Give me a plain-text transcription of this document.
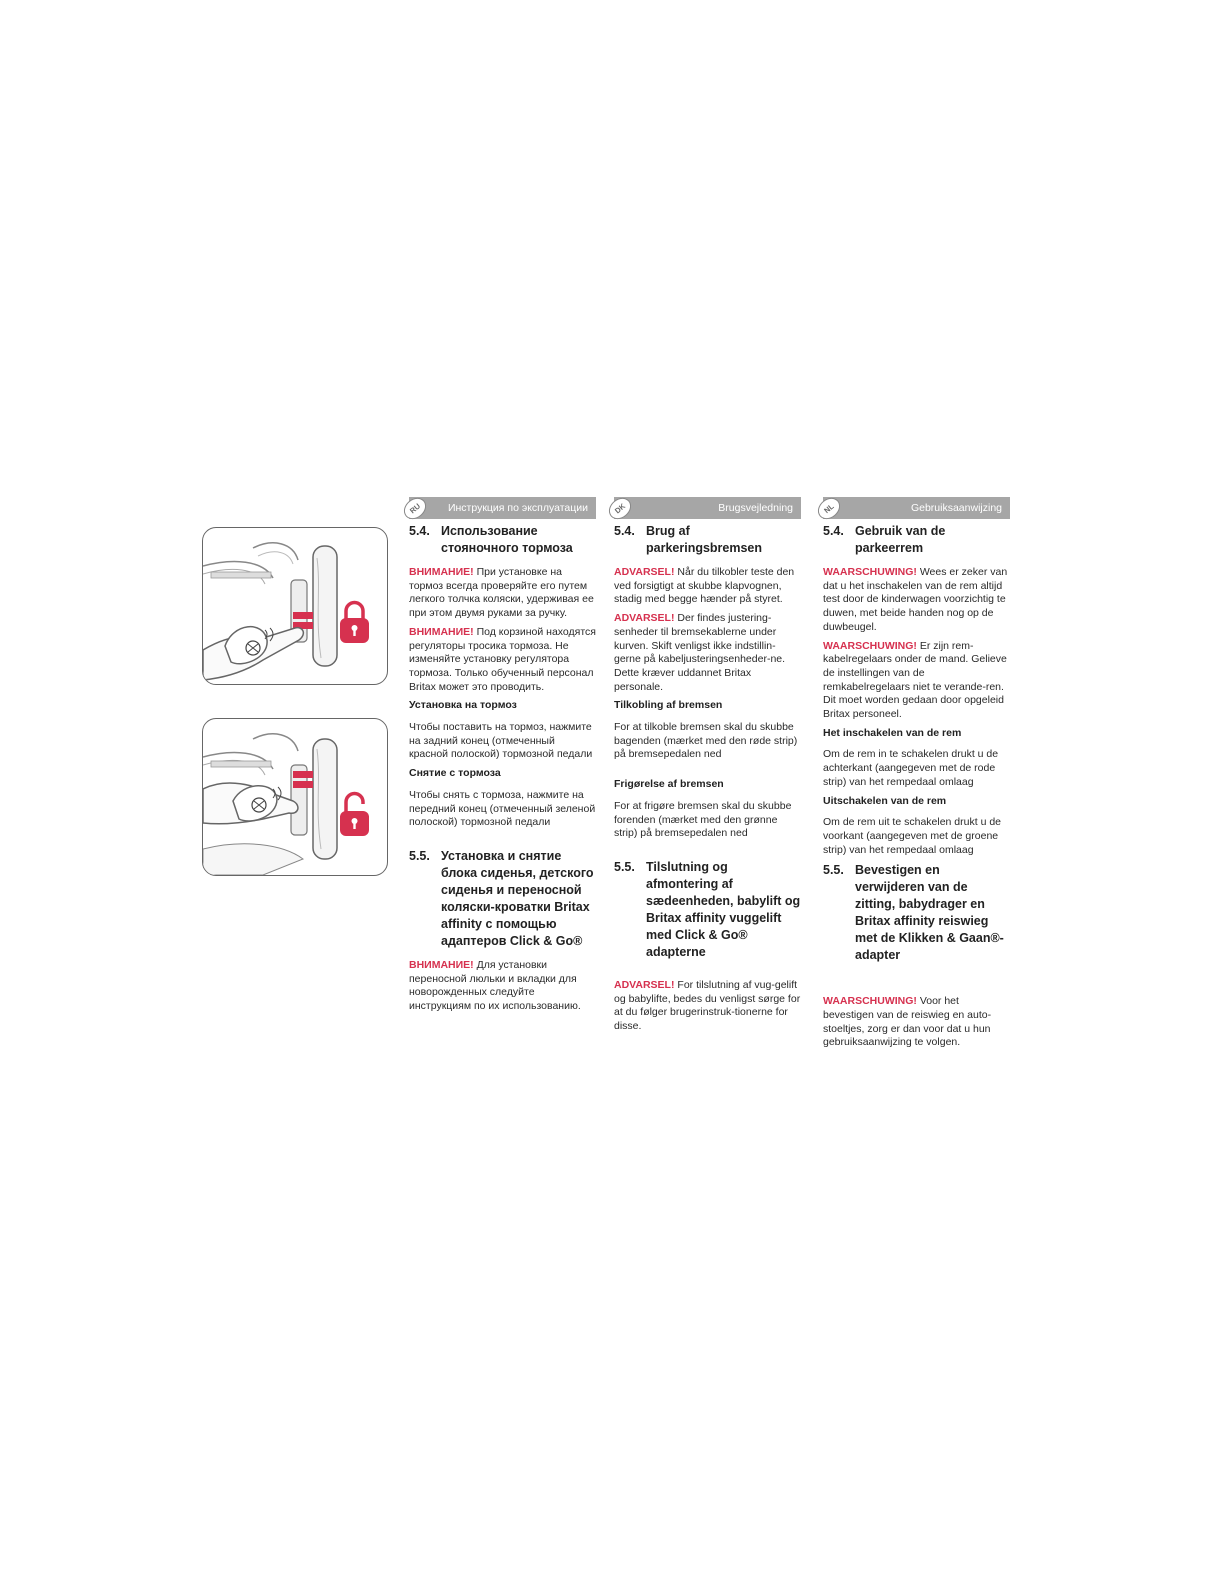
RU	Инструкция по эксплуатации
5.4. Использование стояночного тормоза

ВНИМАНИЕ! При установке на тормоз всегда проверяйте его путем легкого толчка коляски, удерживая ее при этом двумя руками за ручку.

ВНИМАНИЕ! Под корзиной находятся регуляторы тросика тормоза. Не изменяйте установку регулятора тормоза. Только обученный персонал Britax может это проводить.

Установка на тормоз

Чтобы поставить на тормоз, нажмите на задний конец (отмеченный красной полоской) тормозной педали

Снятие с тормоза

Чтобы снять с тормоза, нажмите на передний конец (отмеченный зеленой полоской) тормозной педали

5.5. Установка и снятие блока сиденья, детского сиденья и переносной коляски-кроватки Britax affinity с помощью адаптеров Click & Go®

ВНИМАНИЕ! Для установки переносной люльки и вкладки для новорожденных следуйте инструкциям по их использованию.

DK	Brugsvejledning
5.4. Brug af parkeringsbremsen

ADVARSEL! Når du tilkobler teste den ved forsigtigt at skubbe klapvognen, stadig med begge hænder på styret.

ADVARSEL! Der findes justering-senheder til bremsekablerne under kurven. Skift venligst ikke indstillin-gerne på kabeljusteringsenheder-ne. Dette kræver uddannet Britax personale.

Tilkobling af bremsen

For at tilkoble bremsen skal du skubbe bagenden (mærket med den røde strip) på bremsepedalen ned

Frigørelse af bremsen

For at frigøre bremsen skal du skubbe forenden (mærket med den grønne strip) på bremsepedalen ned

5.5. Tilslutning og afmontering af sædeenheden, babylift og Britax affinity vuggelift med Click & Go® adapterne

ADVARSEL! For tilslutning af vug-gelift og babylifte, bedes du venligst sørge for at du følger brugerinstruk-tionerne for disse.

NL	Gebruiksaanwijzing
5.4. Gebruik van de parkeerrem

WAARSCHUWING! Wees er zeker van dat u het inschakelen van de rem altijd test door de kinderwagen voorzichtig te duwen, met beide handen nog op de duwbeugel.

WAARSCHUWING! Er zijn rem-kabelregelaars onder de mand. Gelieve de instellingen van de remkabelregelaars niet te verande-ren. Dit moet worden gedaan door opgeleid Britax personeel.

Het inschakelen van de rem

Om de rem in te schakelen drukt u de achterkant (aangegeven met de rode strip) van het rempedaal omlaag

Uitschakelen van de rem

Om de rem uit te schakelen drukt u de voorkant (aangegeven met de groene strip) van het rempedaal omlaag

5.5. Bevestigen en verwijderen van de zitting, babydrager en Britax affinity reiswieg met de Klikken & Gaan®-adapter

WAARSCHUWING! Voor het bevestigen van de reiswieg en auto-stoeltjes, zorg er dan voor dat u hun gebruiksaanwijzing te volgen.
